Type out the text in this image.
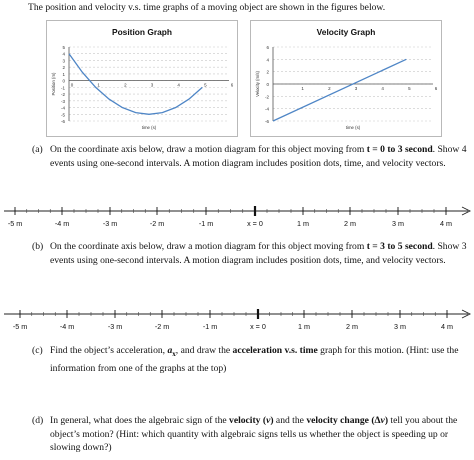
The position and velocity v.s. time graphs of a moving object are shown in the figures below.
Position Graph
5
4
3
2
1
0
-1
-2
-3
-4
-5
-6
0	1	2	3	4	5	6
Position (m)
time (s)
Velocity Graph
6
4
2
0
-2
-4
-6
1	2	3	4	5	6
Velocity (m/s)
time (s)
(a) On the coordinate axis below, draw a motion diagram for this object moving from t = 0 to 3 second. Show 4 events using one-second intervals. A motion diagram includes position dots, time, and velocity vectors.
-5 m	-4 m	-3 m	-2 m	-1 m	x = 0	1 m	2 m	3 m	4 m
(b) On the coordinate axis below, draw a motion diagram for this object moving from t = 3 to 5 second. Show 3 events using one-second intervals. A motion diagram includes position dots, time, and velocity vectors.
-5 m	-4 m	-3 m	-2 m	-1 m	x = 0	1 m	2 m	3 m	4 m
(c) Find the object’s acceleration, $a_x$, and draw the acceleration v.s. time graph for this motion. (Hint: use the information from one of the graphs at the top)
(d) In general, what does the algebraic sign of the velocity (v) and the velocity change (Δv) tell you about the object’s motion? (Hint: which quantity with algebraic signs tells us whether the object is speeding up or slowing down?)
